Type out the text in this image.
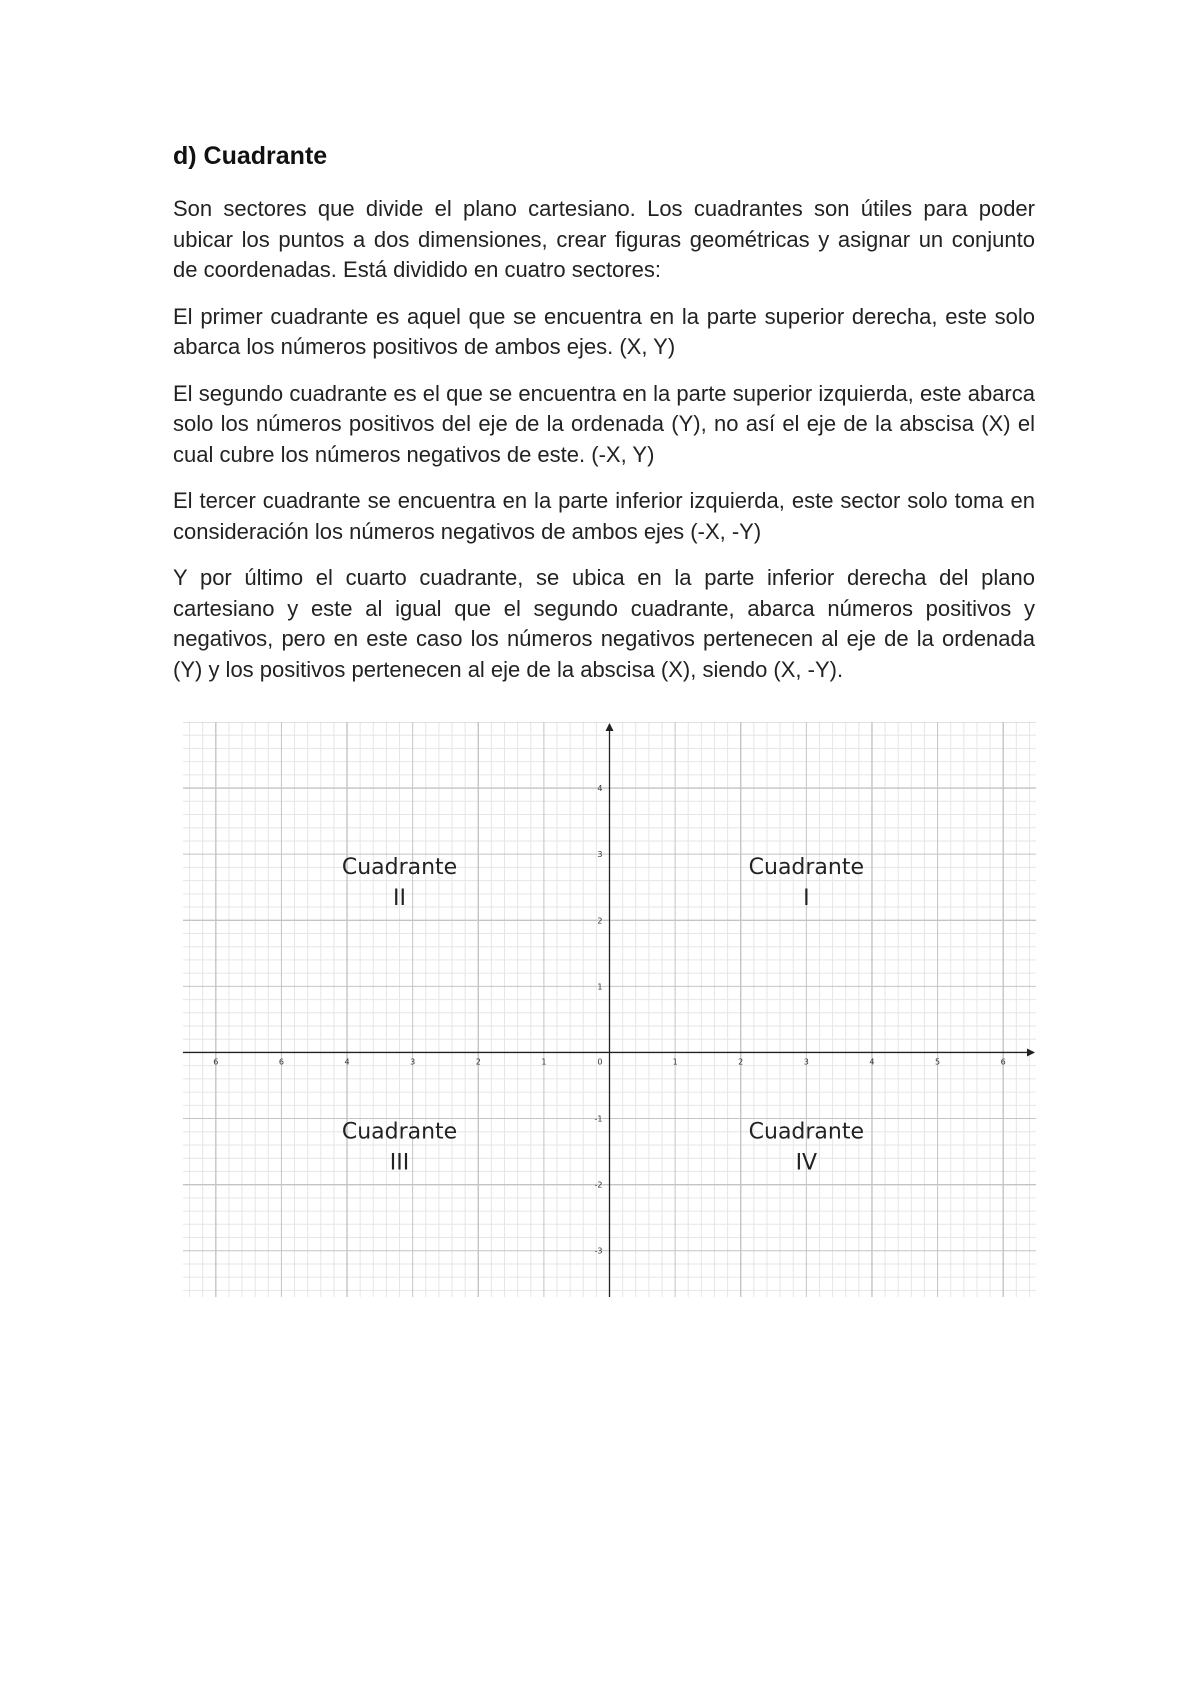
d) Cuadrante

Son sectores que divide el plano cartesiano. Los cuadrantes son útiles para poder ubicar los puntos a dos dimensiones, crear figuras geométricas y asignar un conjunto de coordenadas. Está dividido en cuatro sectores:

El primer cuadrante es aquel que se encuentra en la parte superior derecha, este solo abarca los números positivos de ambos ejes. (X, Y)

El segundo cuadrante es el que se encuentra en la parte superior izquierda, este abarca solo los números positivos del eje de la ordenada (Y), no así el eje de la abscisa (X) el cual cubre los números negativos de este. (-X, Y)

El tercer cuadrante se encuentra en la parte inferior izquierda, este sector solo toma en consideración los números negativos de ambos ejes (-X, -Y)

Y por último el cuarto cuadrante, se ubica en la parte inferior derecha del plano cartesiano y este al igual que el segundo cuadrante, abarca números positivos y negativos, pero en este caso los números negativos pertenecen al eje de la ordenada (Y) y los positivos pertenecen al eje de la abscisa (X), siendo (X, -Y).

6	6	4	3	2	1	1	2	3	4	5	6
4
3
2
1
-1
-2
-3
0
Cuadrante
II
Cuadrante
I
Cuadrante
III
Cuadrante
IV
